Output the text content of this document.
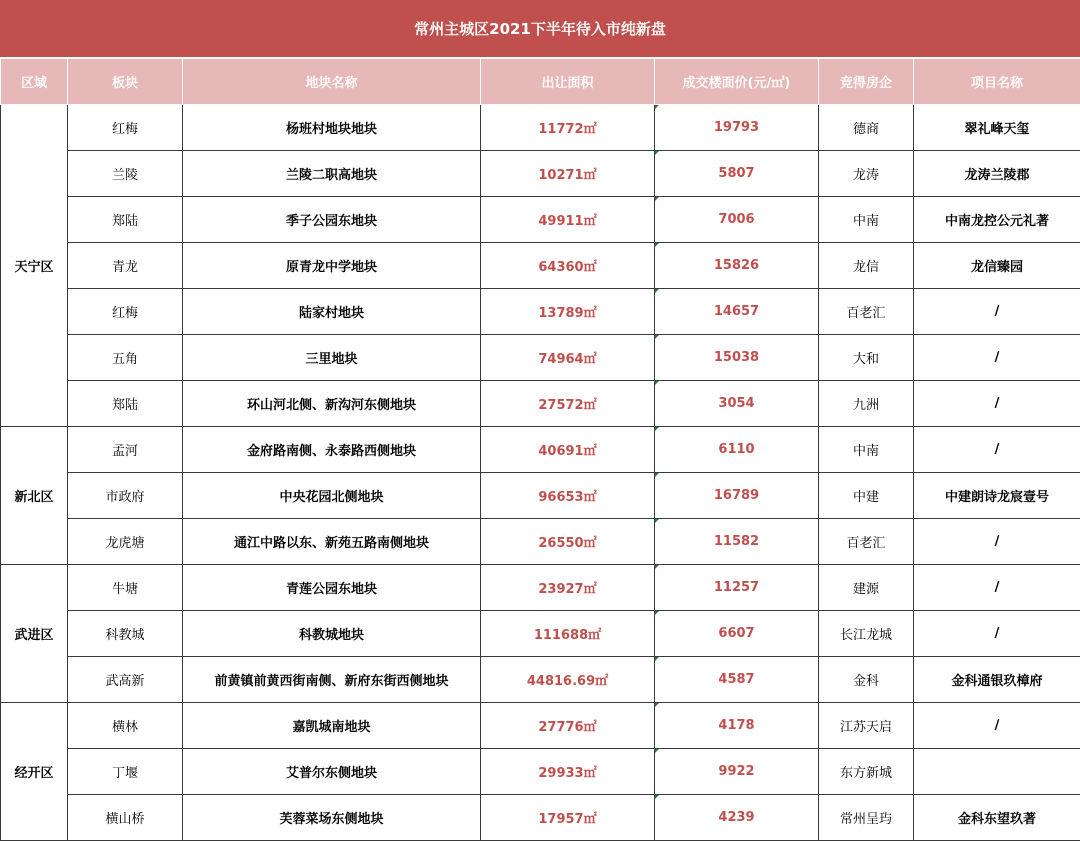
常州主城区2021下半年待入市纯新盘
区域	板块	地块名称	出让面积	成交楼面价(元/㎡)	竞得房企	项目名称
天宁区	红梅	杨班村地块地块	11772㎡	19793	德商	翠礼峰天玺
	兰陵	兰陵二职高地块	10271㎡	5807	龙涛	龙涛兰陵郡
	郑陆	季子公园东地块	49911㎡	7006	中南	中南龙控公元礼著
	青龙	原青龙中学地块	64360㎡	15826	龙信	龙信臻园
	红梅	陆家村地块	13789㎡	14657	百老汇	/
	五角	三里地块	74964㎡	15038	大和	/
	郑陆	环山河北侧、新沟河东侧地块	27572㎡	3054	九洲	/
新北区	孟河	金府路南侧、永泰路西侧地块	40691㎡	6110	中南	/
	市政府	中央花园北侧地块	96653㎡	16789	中建	中建朗诗龙宸壹号
	龙虎塘	通江中路以东、新苑五路南侧地块	26550㎡	11582	百老汇	/
武进区	牛塘	青莲公园东地块	23927㎡	11257	建源	/
	科教城	科教城地块	111688㎡	6607	长江龙城	/
	武高新	前黄镇前黄西街南侧、新府东街西侧地块	44816.69㎡	4587	金科	金科通银玖樟府
经开区	横林	嘉凯城南地块	27776㎡	4178	江苏天启	/
	丁堰	艾普尔东侧地块	29933㎡	9922	东方新城	
	横山桥	芙蓉菜场东侧地块	17957㎡	4239	常州呈玙	金科东望玖著
